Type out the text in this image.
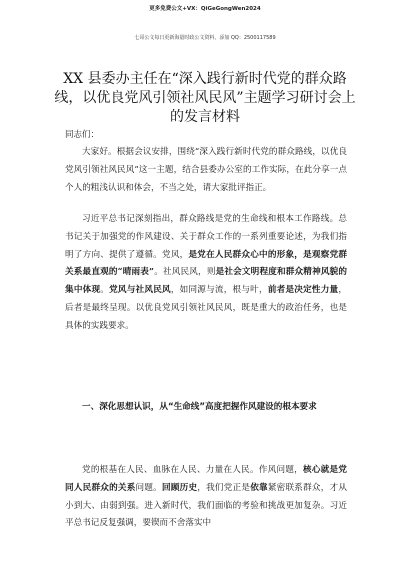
更多免费公文+VX：QiGeGongWen2024
七哥公文每日更新海量时政公文资料，添加 QQ：2500117589
XX 县委办主任在“深入践行新时代党的群众路线，以优良党风引领社风民风”主题学习研讨会上的发言材料
同志们：

大家好。根据会议安排，围绕“深入践行新时代党的群众路线，以优良党风引领社风民风”这一主题，结合县委办公室的工作实际，在此分享一点个人的粗浅认识和体会，不当之处，请大家批评指正。

习近平总书记深刻指出，群众路线是党的生命线和根本工作路线。总书记关于加强党的作风建设、关于群众工作的一系列重要论述，为我们指明了方向、提供了遵循。党风，是党在人民群众心中的形象，是观察党群关系最直观的“晴雨表”。社风民风，则是社会文明程度和群众精神风貌的集中体现。党风与社风民风，如同源与流，根与叶，前者是决定性力量，后者是最终呈现。以优良党风引领社风民风，既是重大的政治任务，也是具体的实践要求。

一、深化思想认识，从“生命线”高度把握作风建设的根本要求

党的根基在人民、血脉在人民、力量在人民。作风问题，核心就是党同人民群众的关系问题。回顾历史，我们党正是依靠紧密联系群众，才从小到大、由弱到强。进入新时代，我们面临的考验和挑战更加复杂。习近平总书记反复强调，要锲而不舍落实中
